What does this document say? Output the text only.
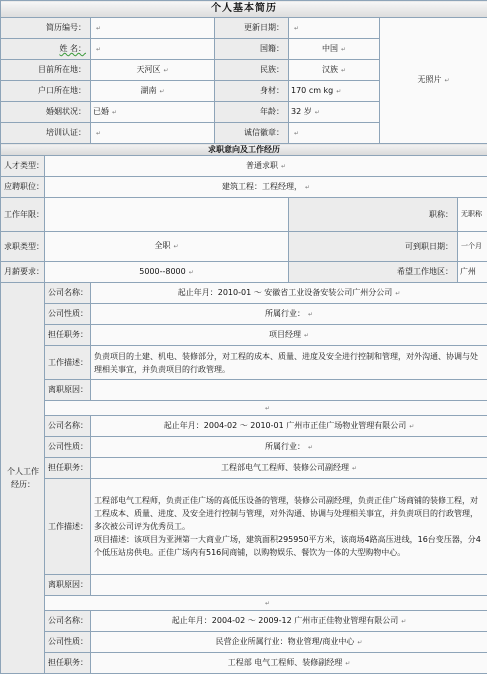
个人基本简历						
简历编号：		↵	更新日期：	↵	无照片 ↵	
姓 名：		↵	国籍：	中国 ↵		
目前所在地：		天河区 ↵	民族：	汉族 ↵		
户口所在地：		湖南 ↵	身材：	170 cm kg ↵		
婚姻状况：		已婚 ↵	年龄：	32 岁 ↵		
培训认证：		↵	诚信徽章：	↵		
求职意向及工作经历						
人才类型：	普通求职 ↵					
应聘职位：	建筑工程：工程经理， ↵					
工作年限：				职称：		无职称
求职类型：	全职 ↵			可到职日期：		一个月
月薪要求：	5000--8000 ↵			希望工作地区：		广州
个人工作经历：	公司名称：	起止年月：2010-01 ～ 安徽省工业设备安装公司广州分公司 ↵				
	公司性质：	所属行业： ↵				
	担任职务：	项目经理 ↵				
	工作描述：	负责项目的土建、机电、装修部分，对工程的成本、质量、进度及安全进行控制和管理，对外沟通、协调与处理相关事宜，并负责项目的行政管理。				
	离职原因：					
	↵					
	公司名称：	起止年月：2004-02 ～ 2010-01 广州市正佳广场物业管理有限公司 ↵				
	公司性质：	所属行业： ↵				
	担任职务：	工程部电气工程师、装修公司副经理 ↵				
	工作描述：	工程部电气工程师，负责正佳广场的高低压设备的管理，装修公司副经理，负责正佳广场商铺的装修工程，对工程成本、质量、进度、及安全进行控制与管理，对外沟通、协调与处理相关事宜，并负责项目的行政管理，多次被公司评为优秀员工。
项目描述：该项目为亚洲第一大商业广场，建筑面积295950平方米，该商场4路高压进线，16台变压器，分4个低压站房供电。正佳广场内有516间商铺，以购物娱乐、餐饮为一体的大型购物中心。				
	离职原因：					
	↵					
	公司名称：	起止年月：2004-02 ～ 2009-12 广州市正佳物业管理有限公司 ↵				
	公司性质：	民营企业所属行业：物业管理/商业中心 ↵				
	担任职务：	工程部 电气工程师、装修副经理 ↵				
